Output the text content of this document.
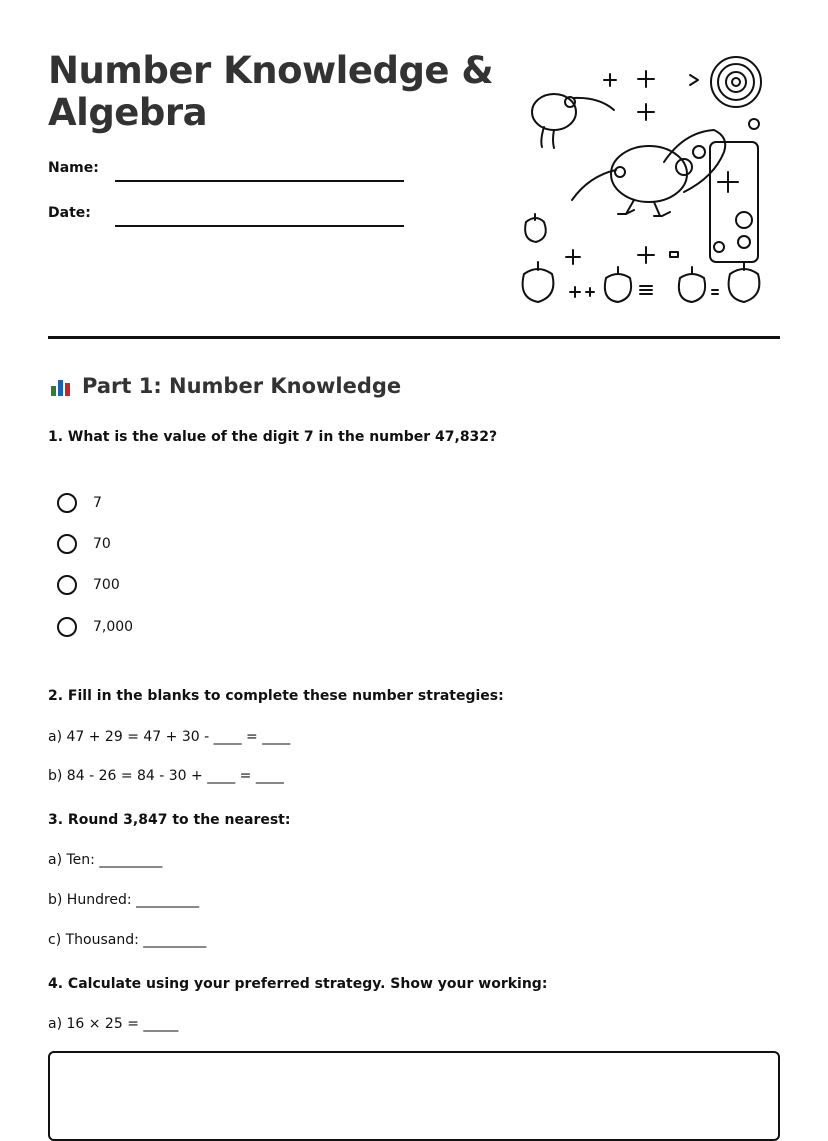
Number Knowledge & Algebra
Name:
Date:
Part 1: Number Knowledge

1. What is the value of the digit 7 in the number 47,832?

7
70
700
7,000

2. Fill in the blanks to complete these number strategies:

a) 47 + 29 = 47 + 30 - ____ = ____

b) 84 - 26 = 84 - 30 + ____ = ____

3. Round 3,847 to the nearest:

a) Ten: _________

b) Hundred: _________

c) Thousand: _________

4. Calculate using your preferred strategy. Show your working:

a) 16 × 25 = _____
